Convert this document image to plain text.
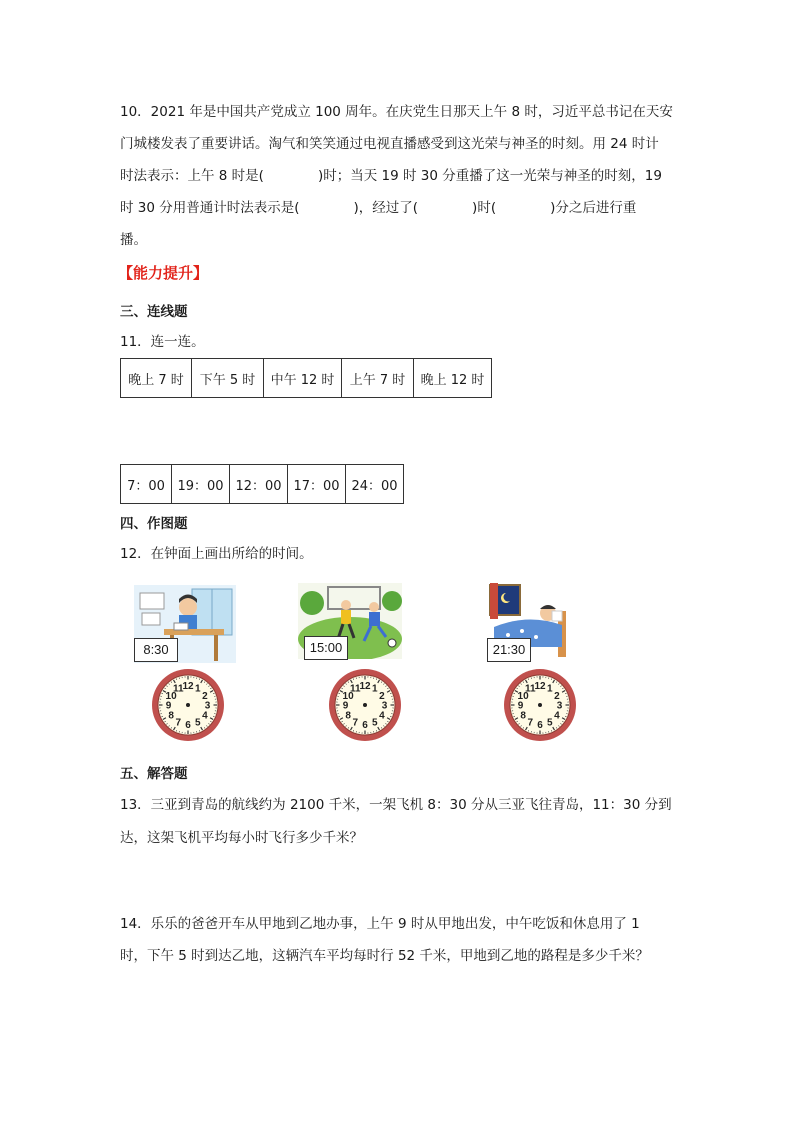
10．2021 年是中国共产党成立 100 周年。在庆党生日那天上午 8 时，习近平总书记在天安
门城楼发表了重要讲话。淘气和笑笑通过电视直播感受到这光荣与神圣的时刻。用 24 时计
时法表示：上午 8 时是(　　　　)时；当天 19 时 30 分重播了这一光荣与神圣的时刻，19
时 30 分用普通计时法表示是(　　　　)，经过了(　　　　)时(　　　　)分之后进行重
播。
【能力提升】
三、连线题
11．连一连。
晚上 7 时	下午 5 时	中午 12 时	上午 7 时	晚上 12 时
7：00	19：00	12：00	17：00	24：00
四、作图题
12．在钟面上画出所给的时间。
8:30	15:00	21:30
12 1
2
3
4
5
6
7
8
9
10
11	12 1
2
3
4
5
6
7
8
9
10
11	12 1
2
3
4
5
6
7
8
9
10
11
五、解答题
13．三亚到青岛的航线约为 2100 千米，一架飞机 8：30 分从三亚飞往青岛，11：30 分到
达，这架飞机平均每小时飞行多少千米？
14．乐乐的爸爸开车从甲地到乙地办事，上午 9 时从甲地出发，中午吃饭和休息用了 1
时，下午 5 时到达乙地，这辆汽车平均每时行 52 千米，甲地到乙地的路程是多少千米？
